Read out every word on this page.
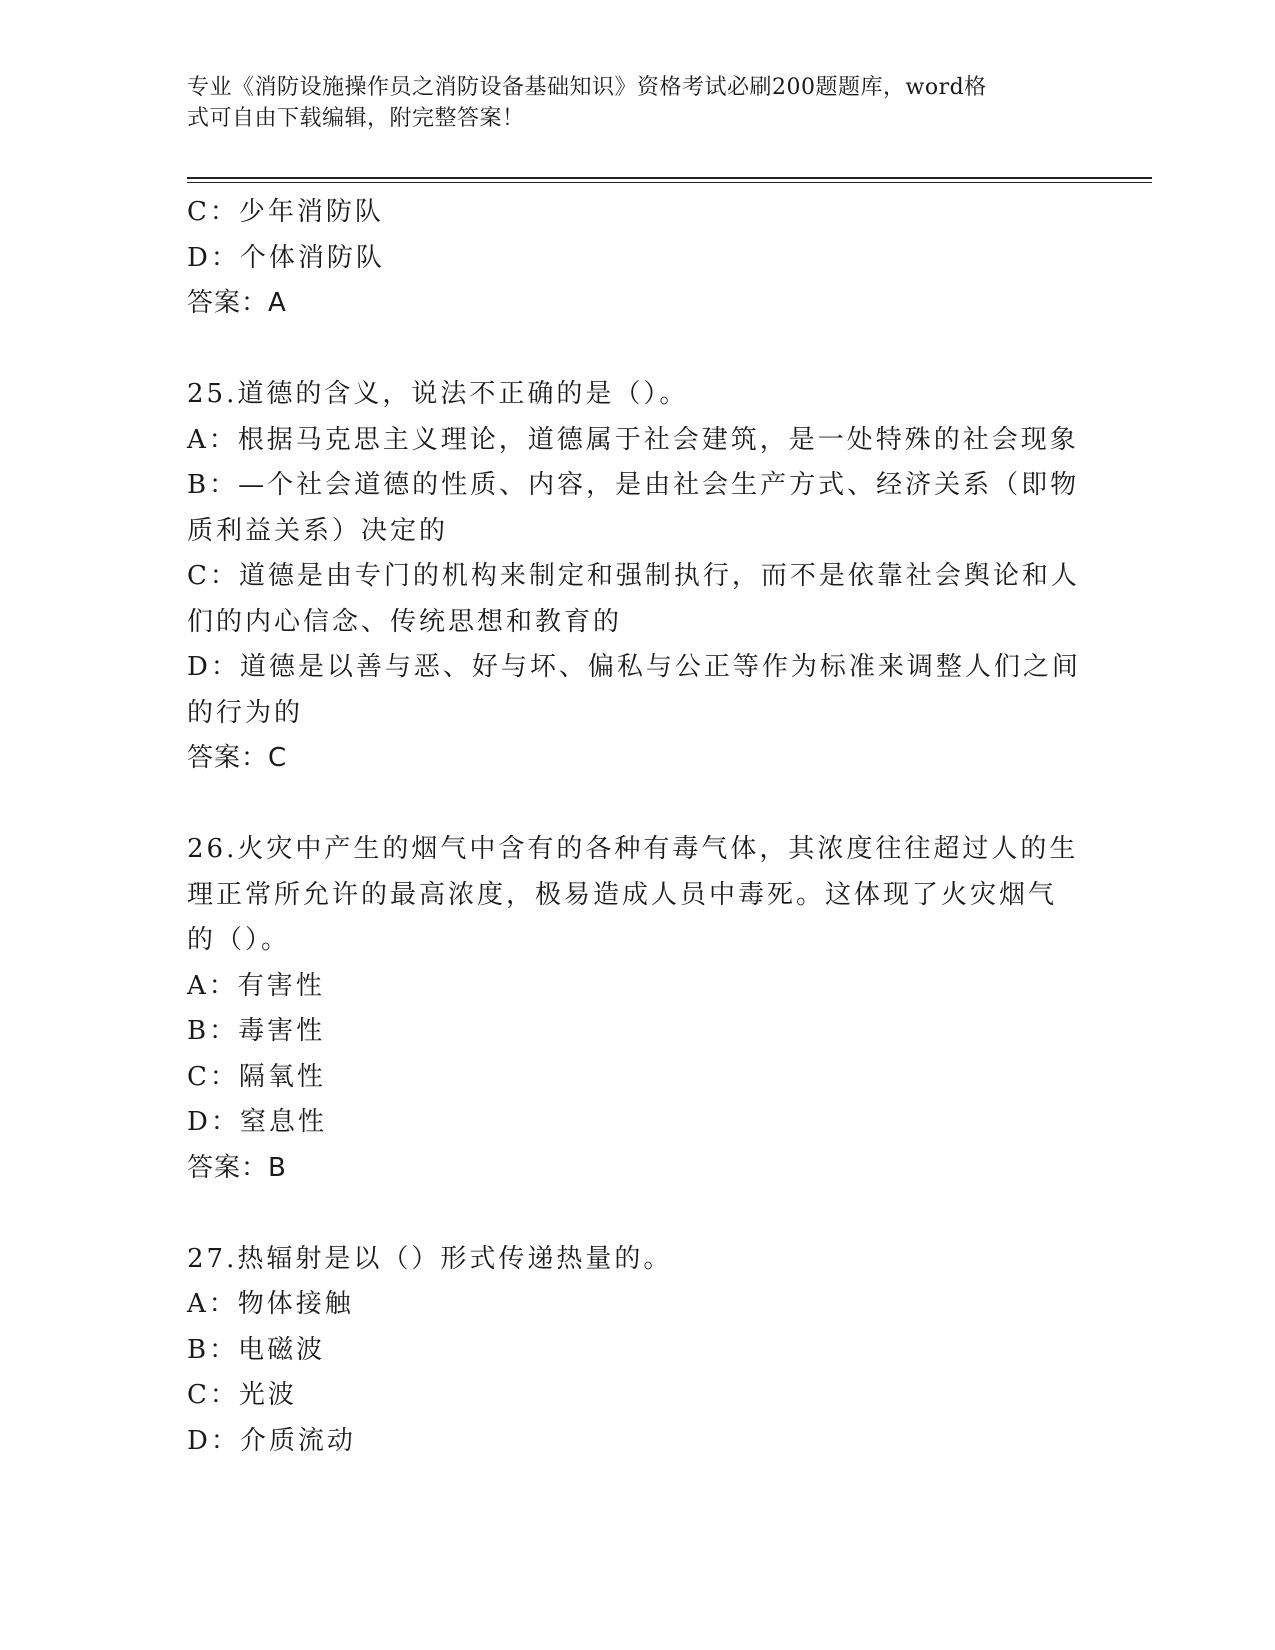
专业《消防设施操作员之消防设备基础知识》资格考试必刷200题题库，word格
式可自由下载编辑，附完整答案！
C：少年消防队
D：个体消防队
答案：A
25.道德的含义，说法不正确的是（）。
A：根据马克思主义理论，道德属于社会建筑，是一处特殊的社会现象
B：—个社会道德的性质、内容，是由社会生产方式、经济关系（即物
质利益关系）决定的
C：道德是由专门的机构来制定和强制执行，而不是依靠社会舆论和人
们的内心信念、传统思想和教育的
D：道德是以善与恶、好与坏、偏私与公正等作为标准来调整人们之间
的行为的
答案：C
26.火灾中产生的烟气中含有的各种有毒气体，其浓度往往超过人的生
理正常所允许的最高浓度，极易造成人员中毒死。这体现了火灾烟气
的（）。
A：有害性
B：毒害性
C：隔氧性
D：窒息性
答案：B
27.热辐射是以（）形式传递热量的。
A：物体接触
B：电磁波
C：光波
D：介质流动
